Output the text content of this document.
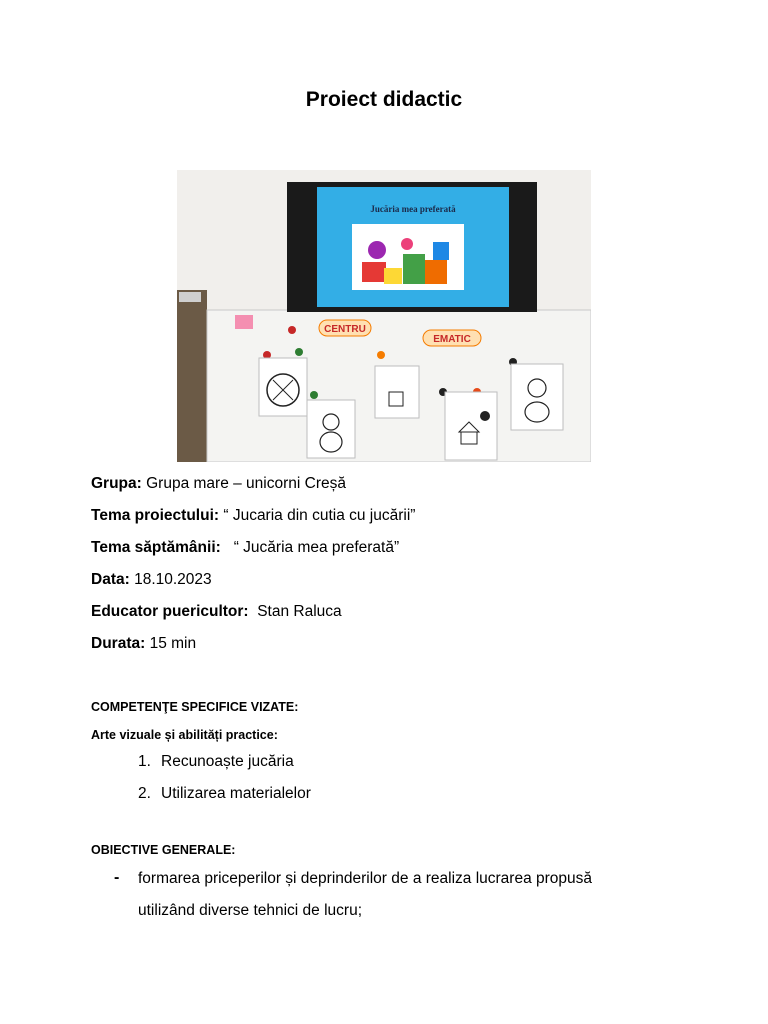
Proiect didactic
Jucăria mea preferată
CENTRU
EMATIC
Grupa: Grupa mare – unicorni Creșă
Tema proiectului: “ Jucaria din cutia cu jucării”
Tema săptămânii:   “ Jucăria mea preferată”
Data: 18.10.2023
Educator puericultor:  Stan Raluca
Durata: 15 min
COMPETENŢE SPECIFICE VIZATE:
Arte vizuale și abilități practice:
1. Recunoaște jucăria
2. Utilizarea materialelor
OBIECTIVE GENERALE:
- formarea priceperilor și deprinderilor de a realiza lucrarea propusă
utilizând diverse tehnici de lucru;
